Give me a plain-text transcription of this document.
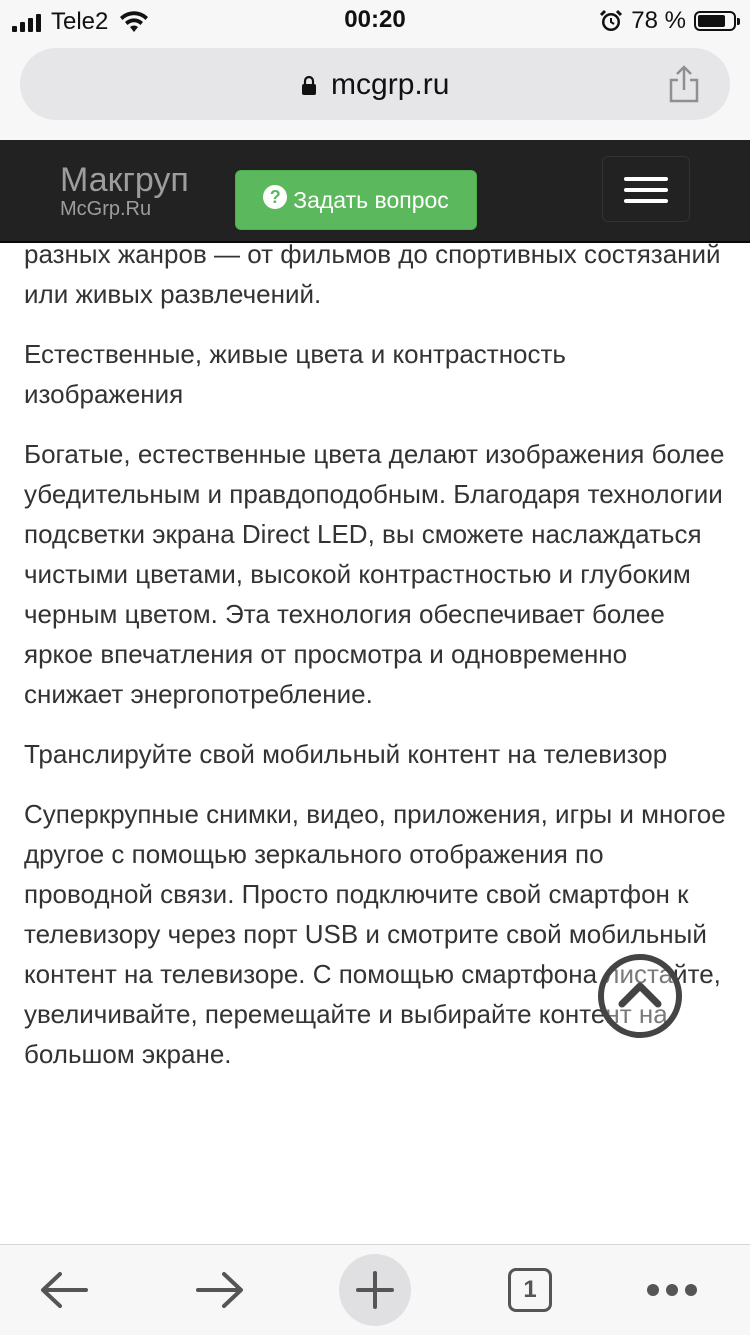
Tele2	00:20	78 %
mcgrp.ru
Макгруп
McGrp.Ru
? Задать вопрос

разных жанров — от фильмов до спортивных состязаний или живых развлечений.

Естественные, живые цвета и контрастность изображения

Богатые, естественные цвета делают изображения более убедительным и правдоподобным. Благодаря технологии подсветки экрана Direct LED, вы сможете наслаждаться чистыми цветами, высокой контрастностью и глубоким черным цветом. Эта технология обеспечивает более яркое впечатления от просмотра и одновременно снижает энергопотребление.

Транслируйте свой мобильный контент на телевизор

Суперкрупные снимки, видео, приложения, игры и многое другое с помощью зеркального отображения по проводной связи. Просто подключите свой смартфон к телевизору через порт USB и смотрите свой мобильный контент на телевизоре. С помощью смартфона листайте, увеличивайте, перемещайте и выбирайте контент на большом экране.

1
